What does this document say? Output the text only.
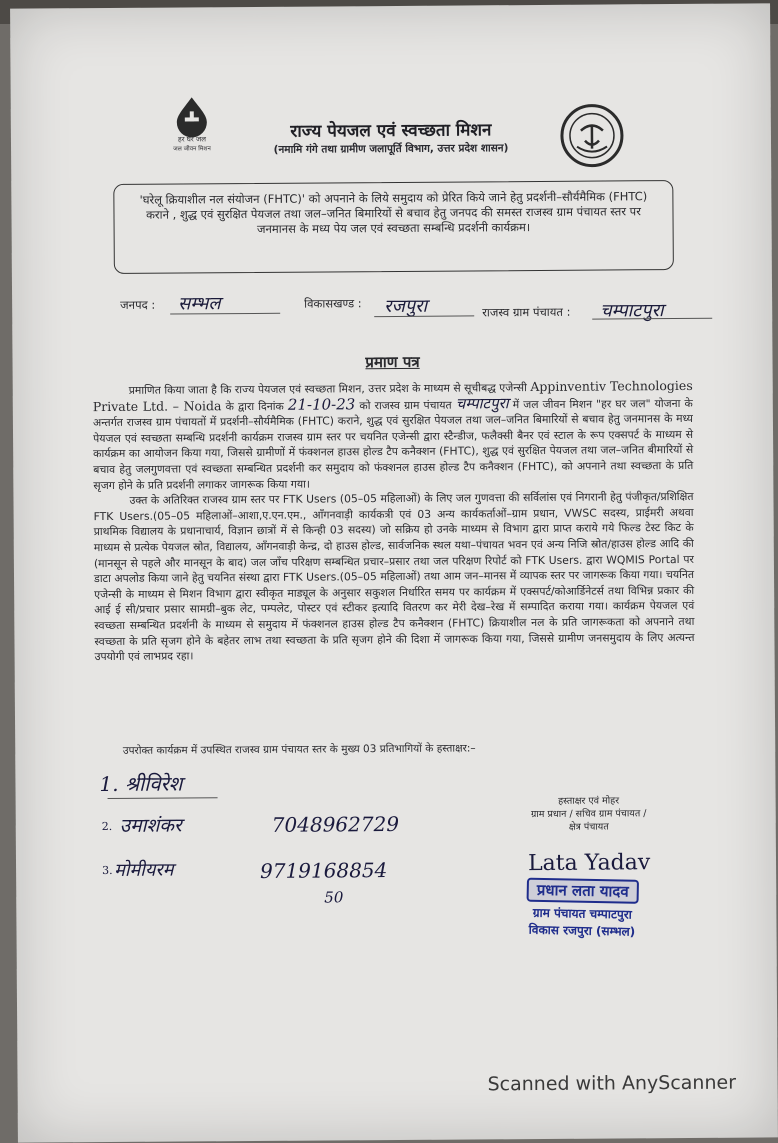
हर घर जल
जल जीवन मिशन
राज्य पेयजल एवं स्वच्छता मिशन
(नमामि गंगे तथा ग्रामीण जलापूर्ति विभाग, उत्तर प्रदेश शासन)
'घरेलू क्रियाशील नल संयोजन (FHTC)' को अपनाने के लिये समुदाय को प्रेरित किये जाने हेतु प्रदर्शनी–सौर्यमैमिक (FHTC) कराने , शुद्ध एवं सुरक्षित पेयजल तथा जल–जनित बिमारियों से बचाव हेतु जनपद की समस्त राजस्व ग्राम पंचायत स्तर पर जनमानस के मध्य पेय जल एवं स्वच्छता सम्बन्धि प्रदर्शनी कार्यक्रम।
जनपद : सम्भल	विकासखण्ड : रजपुरा	राजस्व ग्राम पंचायत : चम्पाटपुरा
प्रमाण पत्र

प्रमाणित किया जाता है कि राज्य पेयजल एवं स्वच्छता मिशन, उत्तर प्रदेश के माध्यम से सूचीबद्ध एजेन्सी Appinventiv Technologies Private Ltd. – Noida के द्वारा दिनांक 21-10-23 को राजस्व ग्राम पंचायत चम्पाटपुरा में जल जीवन मिशन "हर घर जल" योजना के अन्तर्गत राजस्व ग्राम पंचायतों में प्रदर्शनी–सौर्यमैमिक (FHTC) कराने, शुद्ध एवं सुरक्षित पेयजल तथा जल–जनित बिमारियों से बचाव हेतु जनमानस के मध्य पेयजल एवं स्वच्छता सम्बन्धि प्रदर्शनी कार्यक्रम राजस्व ग्राम स्तर पर चयनित एजेन्सी द्वारा स्टैन्डीज, फलैक्सी बैनर एवं स्टाल के रूप एक्सपर्ट के माध्यम से कार्यक्रम का आयोजन किया गया, जिससे ग्रामीणों में फंक्शनल हाउस होल्ड टैप कनैक्शन (FHTC), शुद्ध एवं सुरक्षित पेयजल तथा जल–जनित बीमारियों से बचाव हेतु जलगुणवत्ता एवं स्वच्छता सम्बन्धित प्रदर्शनी कर समुदाय को फंक्शनल हाउस होल्ड टैप कनैक्शन (FHTC), को अपनाने तथा स्वच्छता के प्रति सृजग होने के प्रति प्रदर्शनी लगाकर जागरूक किया गया।

उक्त के अतिरिक्त राजस्व ग्राम स्तर पर FTK Users (05–05 महिलाओं) के लिए जल गुणवत्ता की सर्विलांस एवं निगरानी हेतु पंजीकृत/प्रशिक्षित FTK Users.(05–05 महिलाओं–आशा,ए.एन.एम., आँगनवाड़ी कार्यकत्री एवं 03 अन्य कार्यकर्ताओं–ग्राम प्रधान, VWSC सदस्य, प्राईमरी अथवा प्राथमिक विद्यालय के प्रधानाचार्य, विज्ञान छात्रों में से किन्ही 03 सदस्य) जो सक्रिय हो उनके माध्यम से विभाग द्वारा प्राप्त कराये गये फिल्ड टेस्ट किट के माध्यम से प्रत्येक पेयजल स्रोत, विद्यालय, आँगनवाड़ी केन्द्र, दो हाउस होल्ड, सार्वजनिक स्थल यथा–पंचायत भवन एवं अन्य निजि स्रोत/हाउस होल्ड आदि की (मानसून से पहले और मानसून के बाद) जल जाँच परिक्षण सम्बन्धित प्रचार–प्रसार तथा जल परिक्षण रिपोर्ट को FTK Users. द्वारा WQMIS Portal पर डाटा अपलोड किया जाने हेतु चयनित संस्था द्वारा FTK Users.(05–05 महिलाओं) तथा आम जन–मानस में व्यापक स्तर पर जागरूक किया गया। चयनित एजेन्सी के माध्यम से मिशन विभाग द्वारा स्वीकृत माड्यूल के अनुसार सकुशल निर्धारित समय पर कार्यक्रम में एक्सपर्ट/कोआर्डिनेटर्स तथा विभिन्न प्रकार की आई ई सी/प्रचार प्रसार सामग्री–बुक लेट, पम्पलेट, पोस्टर एवं स्टीकर इत्यादि वितरण कर मेरी देख–रेख में सम्पादित कराया गया। कार्यक्रम पेयजल एवं स्वच्छता सम्बन्धित प्रदर्शनी के माध्यम से समुदाय में फंक्शनल हाउस होल्ड टैप कनैक्शन (FHTC) क्रियाशील नल के प्रति जागरूकता को अपनाने तथा स्वच्छता के प्रति सृजग होने के बहेतर लाभ तथा स्वच्छता के प्रति सृजग होने की दिशा में जागरूक किया गया, जिससे ग्रामीण जनसमुदाय के लिए अत्यन्त उपयोगी एवं लाभप्रद रहा।

उपरोक्त कार्यक्रम में उपस्थित राजस्व ग्राम पंचायत स्तर के मुख्य 03 प्रतिभागियों के हस्ताक्षर:–
1. श्रीविरेश
2. उमाशंकर	7048962729
3. मोमीयरम	9719168854
50
हस्ताक्षर एवं मोहर
ग्राम प्रधान / सचिव ग्राम पंचायत /
क्षेत्र पंचायत
Lata Yadav
प्रधान लता यादव
ग्राम पंचायत चम्पाटपुरा
विकास रजपुरा (सम्भल)
Scanned with AnyScanner
